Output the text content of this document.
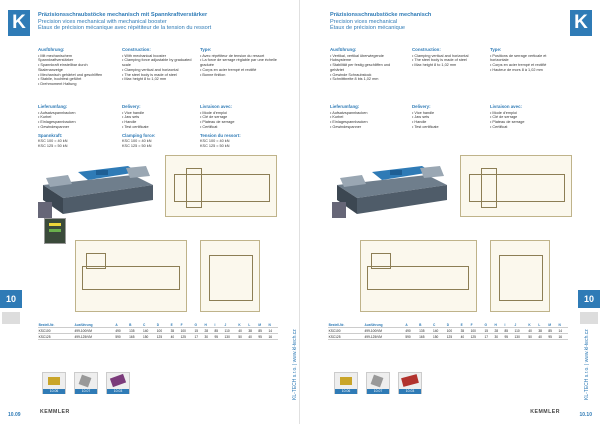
K	Präzisionsschraubstöcke mechanisch mit Spannkraftverstärker
Precision vices mechanical with mechanical booster
Étaux de précision mécanique avec répétiteur de la tension du ressort
Ausführung:
• Mit mechanischem Spannkraftverstärker
• Spannkraft einstellbar durch Skalenanzeige
• Mechanisch gehärtet und geschliffen
• Stabile, hochfest geführt
• Drehmoment Haltung
Construction:
• With mechanical booster
• Clamping force adjustable by graduated scale
• Clamping vertical and horizontal
• The steel body is made of steel
• Max height 8 to 1,02 mm
Type:
• Avec répétiteur de tension du ressort
• La force de serrage réglable par une échelle graduée
• Corps en acier trempé et rectifié
• Bonne finition
Lieferumfang:
• Aufsatzspannbacken
• Kurbel
• Einlagespannbacken
• Gewindespanner
Spannkraft:
KSC 100 = 40 kN
KSC 125 = 50 kN
Delivery:
• Vice handle
• Jaw sets
• Handle
• Test certificate
Clamping force:
KSC 100 = 40 kN
KSC 125 = 50 kN
Livraison avec:
• Mode d'emploi
• Clé de serrage
• Plateau de serrage
• Certificat
Tension du ressort:
KSC 100 = 40 kN
KSC 125 = 50 kN
10
Bestell-Nr.	Ausführung	A	B	C	D	E	F	G	H	I	J	K	L	M	N
KSC100	499-100/VM	490	135	140	100	35	100	15	28	85	110	40	38	85	14
KSC125	499-125/VM	590	165	150	125	40	125	17	30	95	130	50	40	95	16
10.06	10.07	10.03
10.09	KEMMLER
K
Präzisionsschraubstöcke mechanisch
Precision vices mechanical
Étaux de précision mécanique
Ausführung:
• Vertikal, vertikal überwiegende Hubsysteme
• Stabilität per festig geschliffen und gehärtet
• Gewinde Schraubstock
• Schnittbreite 8 bis 1,02 mm
Construction:
• Clamping vertical and horizontal
• The steel body is made of steel
• Max height 8 to 1,02 mm
Type:
• Positions de serrage verticale et horizontale
• Corps en acier trempé et rectifié
• Hauteur de mors 8 à 1,02 mm
Lieferumfang:
• Aufsatzspannbacken
• Kurbel
• Einlagespannbacken
• Gewindespanner
Delivery:
• Vice handle
• Jaw sets
• Handle
• Test certificate
Livraison avec:
• Mode d'emploi
• Clé de serrage
• Plateau de serrage
• Certificat
10
Bestell-Nr.	Ausführung	A	B	C	D	E	F	G	H	I	J	K	L	M	N
KSC100	499-100/VM	490	135	140	100	35	100	15	28	85	110	40	38	85	14
KSC125	499-125/VM	590	165	150	125	40	125	17	30	95	130	50	40	95	16
10.06	10.07	10.03
KEMMLER	10.10
KL-TECH s.r.o. | www.kl-tech.cz	KL-TECH s.r.o. | www.kl-tech.cz
